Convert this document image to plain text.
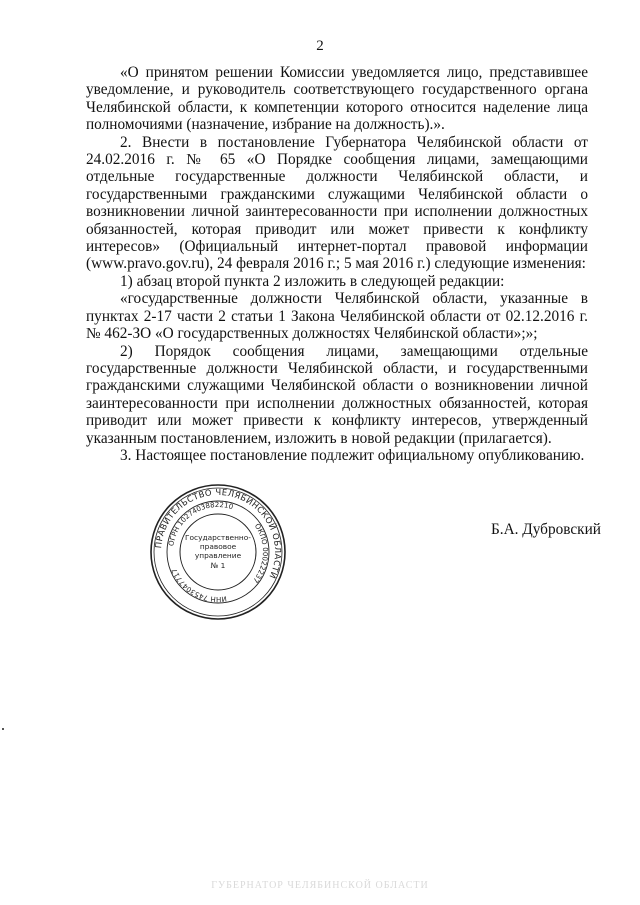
2

«О принятом решении Комиссии уведомляется лицо, представившее уведомление, и руководитель соответствующего государственного органа Челябинской области, к компетенции которого относится наделение лица полномочиями (назначение, избрание на должность).».

2. Внести в постановление Губернатора Челябинской области от 24.02.2016 г. № 65 «О Порядке сообщения лицами, замещающими отдельные государственные должности Челябинской области, и государственными гражданскими служащими Челябинской области о возникновении личной заинтересованности при исполнении должностных обязанностей, которая приводит или может привести к конфликту интересов» (Официальный интернет-портал правовой информации (www.pravo.gov.ru), 24 февраля 2016 г.; 5 мая 2016 г.) следующие изменения:

1) абзац второй пункта 2 изложить в следующей редакции:

«государственные должности Челябинской области, указанные в пунктах 2-17 части 2 статьи 1 Закона Челябинской области от 02.12.2016 г. № 462-ЗО «О государственных должностях Челябинской области»;»;

2) Порядок сообщения лицами, замещающими отдельные государственные должности Челябинской области, и государственными гражданскими служащими Челябинской области о возникновении личной заинтересованности при исполнении должностных обязанностей, которая приводит или может привести к конфликту интересов, утвержденный указанным постановлением, изложить в новой редакции (прилагается).

3. Настоящее постановление подлежит официальному опубликованию.

ПРАВИТЕЛЬСТВО ЧЕЛЯБИНСКОЙ ОБЛАСТИ
ОГРН 1027403882210
ОКПО 00022237
ИНН 7453047717
Государственно-
правовое
управление
№ 1
Б.А. Дубровский
ГУБЕРНАТОР ЧЕЛЯБИНСКОЙ ОБЛАСТИ
